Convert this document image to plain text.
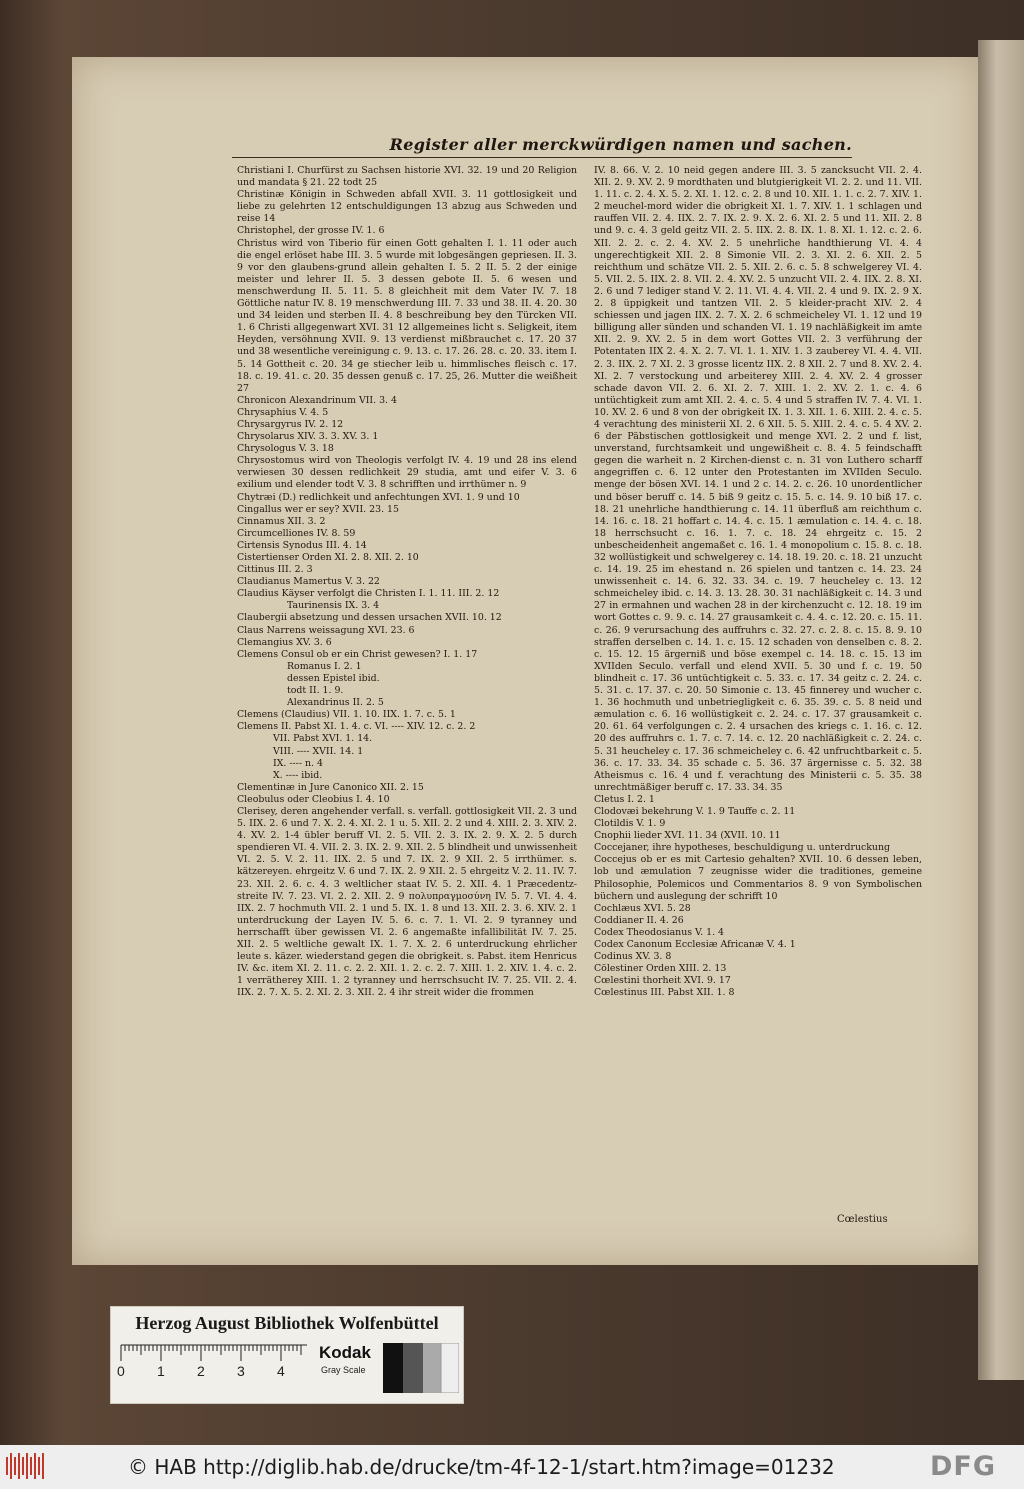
Register aller merckwürdigen namen und sachen.

Christiani I. Churfürst zu Sachsen historie XVI. 32. 19 und 20 Religion und mandata § 21. 22 todt 25

Christinæ Königin in Schweden abfall XVII. 3. 11 gottlosigkeit und liebe zu gelehrten 12 entschuldigungen 13 abzug aus Schweden und reise 14

Christophel, der grosse IV. 1. 6

Christus wird von Tiberio für einen Gott gehalten I. 1. 11 oder auch die engel erlöset habe III. 3. 5 wurde mit lobgesängen gepriesen. II. 3. 9 vor den glaubens-grund allein gehalten I. 5. 2 II. 5. 2 der einige meister und lehrer II. 5. 3 dessen gebote II. 5. 6 wesen und menschwerdung II. 5. 11. 5. 8 gleichheit mit dem Vater IV. 7. 18 Göttliche natur IV. 8. 19 menschwerdung III. 7. 33 und 38. II. 4. 20. 30 und 34 leiden und sterben II. 4. 8 beschreibung bey den Türcken VII. 1. 6 Christi allgegenwart XVI. 31 12 allgemeines licht s. Seligkeit, item Heyden, versöhnung XVII. 9. 13 verdienst mißbrauchet c. 17. 20 37 und 38 wesentliche vereinigung c. 9. 13. c. 17. 26. 28. c. 20. 33. item I. 5. 14 Gottheit c. 20. 34 ge stiecher leib u. himmlisches fleisch c. 17. 18. c. 19. 41. c. 20. 35 dessen genuß c. 17. 25, 26. Mutter die weißheit 27

Chronicon Alexandrinum VII. 3. 4

Chrysaphius V. 4. 5

Chrysargyrus IV. 2. 12

Chrysolarus XIV. 3. 3. XV. 3. 1

Chrysologus V. 3. 18

Chrysostomus wird von Theologis verfolgt IV. 4. 19 und 28 ins elend verwiesen 30 dessen redlichkeit 29 studia, amt und eifer V. 3. 6 exilium und elender todt V. 3. 8 schrifften und irrthümer n. 9

Chytræi (D.) redlichkeit und anfechtungen XVI. 1. 9 und 10

Cingallus wer er sey? XVII. 23. 15

Cinnamus XII. 3. 2

Circumcelliones IV. 8. 59

Cirtensis Synodus III. 4. 14

Cistertienser Orden XI. 2. 8. XII. 2. 10

Cittinus III. 2. 3

Claudianus Mamertus V. 3. 22

Claudius Käyser verfolgt die Christen I. 1. 11. III. 2. 12

Taurinensis IX. 3. 4

Claubergii absetzung und dessen ursachen XVII. 10. 12

Claus Narrens weissagung XVI. 23. 6

Clemangius XV. 3. 6

Clemens Consul ob er ein Christ gewesen? I. 1. 17

Romanus I. 2. 1

dessen Epistel ibid.

todt II. 1. 9.

Alexandrinus II. 2. 5

Clemens (Claudius) VII. 1. 10. IIX. 1. 7. c. 5. 1

Clemens II. Pabst XI. 1. 4. c. VI. ---- XIV. 12. c. 2. 2

VII. Pabst XVI. 1. 14.

VIII. ---- XVII. 14. 1

IX. ---- n. 4

X. ---- ibid.

Clementinæ in Jure Canonico XII. 2. 15

Cleobulus oder Cleobius I. 4. 10

Clerisey, deren angehender verfall. s. verfall. gottlosigkeit VII. 2. 3 und 5. IIX. 2. 6 und 7. X. 2. 4. XI. 2. 1 u. 5. XII. 2. 2 und 4. XIII. 2. 3. XIV. 2. 4. XV. 2. 1-4 übler beruff VI. 2. 5. VII. 2. 3. IX. 2. 9. X. 2. 5 durch spendieren VI. 4. VII. 2. 3. IX. 2. 9. XII. 2. 5 blindheit und unwissenheit VI. 2. 5. V. 2. 11. IIX. 2. 5 und 7. IX. 2. 9 XII. 2. 5 irrthümer. s. kätzereyen. ehrgeitz V. 6 und 7. IX. 2. 9 XII. 2. 5 ehrgeitz V. 2. 11. IV. 7. 23. XII. 2. 6. c. 4. 3 weltlicher staat IV. 5. 2. XII. 4. 1 Præcedentz-streite IV. 7. 23. VI. 2. 2. XII. 2. 9 πολυπραγμοσύνη IV. 5. 7. VI. 4. 4. IIX. 2. 7 hochmuth VII. 2. 1 und 5. IX. 1. 8 und 13. XII. 2. 3. 6. XIV. 2. 1 unterdruckung der Layen IV. 5. 6. c. 7. 1. VI. 2. 9 tyranney und herrschafft über gewissen VI. 2. 6 angemaßte infallibilität IV. 7. 25. XII. 2. 5 weltliche gewalt IX. 1. 7. X. 2. 6 unterdruckung ehrlicher leute s. käzer. wiederstand gegen die obrigkeit. s. Pabst. item Henricus IV. &c. item XI. 2. 11. c. 2. 2. XII. 1. 2. c. 2. 7. XIII. 1. 2. XIV. 1. 4. c. 2. 1 verrätherey XIII. 1. 2 tyranney und herrschsucht IV. 7. 25. VII. 2. 4. IIX. 2. 7. X. 5. 2. XI. 2. 3. XII. 2. 4 ihr streit wider die frommen

IV. 8. 66. V. 2. 10 neid gegen andere III. 3. 5 zancksucht VII. 2. 4. XII. 2. 9. XV. 2. 9 mordthaten und blutgierigkeit VI. 2. 2. und 11. VII. 1. 11. c. 2. 4. X. 5. 2. XI. 1. 12. c. 2. 8 und 10. XII. 1. 1. c. 2. 7. XIV. 1. 2 meuchel-mord wider die obrigkeit XI. 1. 7. XIV. 1. 1 schlagen und rauffen VII. 2. 4. IIX. 2. 7. IX. 2. 9. X. 2. 6. XI. 2. 5 und 11. XII. 2. 8 und 9. c. 4. 3 geld geitz VII. 2. 5. IIX. 2. 8. IX. 1. 8. XI. 1. 12. c. 2. 6. XII. 2. 2. c. 2. 4. XV. 2. 5 unehrliche handthierung VI. 4. 4 ungerechtigkeit XII. 2. 8 Simonie VII. 2. 3. XI. 2. 6. XII. 2. 5 reichthum und schätze VII. 2. 5. XII. 2. 6. c. 5. 8 schwelgerey VI. 4. 5. VII. 2. 5. IIX. 2. 8. VII. 2. 4. XV. 2. 5 unzucht VII. 2. 4. IIX. 2. 8. XI. 2. 6 und 7 lediger stand V. 2. 11. VI. 4. 4. VII. 2. 4 und 9. IX. 2. 9 X. 2. 8 üppigkeit und tantzen VII. 2. 5 kleider-pracht XIV. 2. 4 schiessen und jagen IIX. 2. 7. X. 2. 6 schmeicheley VI. 1. 12 und 19 billigung aller sünden und schanden VI. 1. 19 nachläßigkeit im amte XII. 2. 9. XV. 2. 5 in dem wort Gottes VII. 2. 3 verführung der Potentaten IIX 2. 4. X. 2. 7. VI. 1. 1. XIV. 1. 3 zauberey VI. 4. 4. VII. 2. 3. IIX. 2. 7 XI. 2. 3 grosse licentz IIX. 2. 8 XII. 2. 7 und 8. XV. 2. 4. XI. 2. 7 verstockung und arbeiterey XIII. 2. 4. XV. 2. 4 grosser schade davon VII. 2. 6. XI. 2. 7. XIII. 1. 2. XV. 2. 1. c. 4. 6 untüchtigkeit zum amt XII. 2. 4. c. 5. 4 und 5 straffen IV. 7. 4. VI. 1. 10. XV. 2. 6 und 8 von der obrigkeit IX. 1. 3. XII. 1. 6. XIII. 2. 4. c. 5. 4 verachtung des ministerii XI. 2. 6 XII. 5. 5. XIII. 2. 4. c. 5. 4 XV. 2. 6 der Päbstischen gottlosigkeit und menge XVI. 2. 2 und f. list, unverstand, furchtsamkeit und ungewißheit c. 8. 4. 5 feindschafft gegen die warheit n. 2 Kirchen-dienst c. n. 31 von Luthero scharff angegriffen c. 6. 12 unter den Protestanten im XVIIden Seculo. menge der bösen XVI. 14. 1 und 2 c. 14. 2. c. 26. 10 unordentlicher und böser beruff c. 14. 5 biß 9 geitz c. 15. 5. c. 14. 9. 10 biß 17. c. 18. 21 unehrliche handthierung c. 14. 11 überfluß am reichthum c. 14. 16. c. 18. 21 hoffart c. 14. 4. c. 15. 1 æmulation c. 14. 4. c. 18. 18 herrschsucht c. 16. 1. 7. c. 18. 24 ehrgeitz c. 15. 2 unbescheidenheit angemaßet c. 16. 1. 4 monopolium c. 15. 8. c. 18. 32 wollüstigkeit und schwelgerey c. 14. 18. 19. 20. c. 18. 21 unzucht c. 14. 19. 25 im ehestand n. 26 spielen und tantzen c. 14. 23. 24 unwissenheit c. 14. 6. 32. 33. 34. c. 19. 7 heucheley c. 13. 12 schmeicheley ibid. c. 14. 3. 13. 28. 30. 31 nachläßigkeit c. 14. 3 und 27 in ermahnen und wachen 28 in der kirchenzucht c. 12. 18. 19 im wort Gottes c. 9. 9. c. 14. 27 grausamkeit c. 4. 4. c. 12. 20. c. 15. 11. c. 26. 9 verursachung des auffruhrs c. 32. 27. c. 2. 8. c. 15. 8. 9. 10 straffen derselben c. 14. 1. c. 15. 12 schaden von denselben c. 8. 2. c. 15. 12. 15 ärgerniß und böse exempel c. 14. 18. c. 15. 13 im XVIIden Seculo. verfall und elend XVII. 5. 30 und f. c. 19. 50 blindheit c. 17. 36 untüchtigkeit c. 5. 33. c. 17. 34 geitz c. 2. 24. c. 5. 31. c. 17. 37. c. 20. 50 Simonie c. 13. 45 finnerey und wucher c. 1. 36 hochmuth und unbetriegligkeit c. 6. 35. 39. c. 5. 8 neid und æmulation c. 6. 16 wollüstigkeit c. 2. 24. c. 17. 37 grausamkeit c. 20. 61. 64 verfolgungen c. 2. 4 ursachen des kriegs c. 1. 16. c. 12. 20 des auffruhrs c. 1. 7. c. 7. 14. c. 12. 20 nachläßigkeit c. 2. 24. c. 5. 31 heucheley c. 17. 36 schmeicheley c. 6. 42 unfruchtbarkeit c. 5. 36. c. 17. 33. 34. 35 schade c. 5. 36. 37 ärgernisse c. 5. 32. 38 Atheismus c. 16. 4 und f. verachtung des Ministerii c. 5. 35. 38 unrechtmäßiger beruff c. 17. 33. 34. 35

Cletus I. 2. 1

Clodovæi bekehrung V. 1. 9 Tauffe c. 2. 11

Clotildis V. 1. 9

Cnophii lieder XVI. 11. 34 (XVII. 10. 11

Coccejaner, ihre hypotheses, beschuldigung u. unterdruckung

Coccejus ob er es mit Cartesio gehalten? XVII. 10. 6 dessen leben, lob und æmulation 7 zeugnisse wider die traditiones, gemeine Philosophie, Polemicos und Commentarios 8. 9 von Symbolischen büchern und auslegung der schrifft 10

Cochlæus XVI. 5. 28

Coddianer II. 4. 26

Codex Theodosianus V. 1. 4

Codex Canonum Ecclesiæ Africanæ V. 4. 1

Codinus XV. 3. 8

Cölestiner Orden XIII. 2. 13

Cœlestini thorheit XVI. 9. 17

Cœlestinus III. Pabst XII. 1. 8

Cœlestius
Herzog August Bibliothek Wolfenbüttel
0 1 2 3 4
Kodak
Gray Scale
© HAB http://diglib.hab.de/drucke/tm-4f-12-1/start.htm?image=01232	DFG
